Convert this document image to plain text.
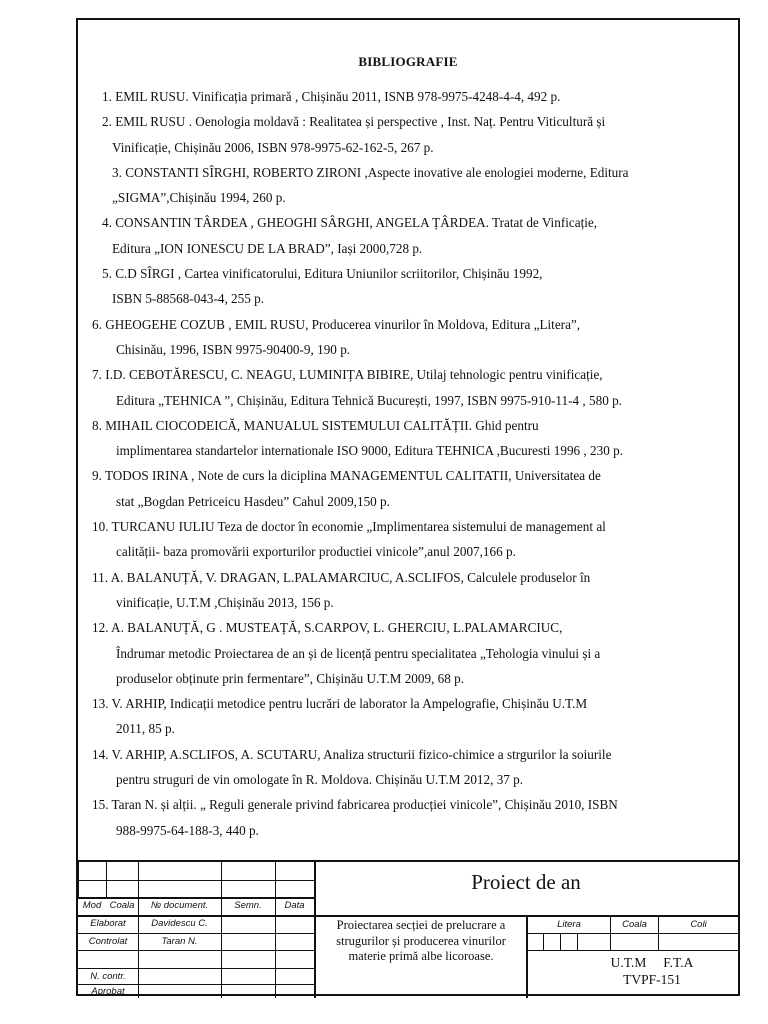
BIBLIOGRAFIE
1. EMIL RUSU. Vinificația primară , Chișinău 2011, ISNB 978-9975-4248-4-4, 492 p.
2. EMIL RUSU . Oenologia moldavă : Realitatea și perspective , Inst. Naț. Pentru Viticultură și
Vinificație, Chișinău 2006, ISBN 978-9975-62-162-5, 267 p.
3. CONSTANTI SÎRGHI, ROBERTO ZIRONI ,Aspecte inovative ale enologiei moderne, Editura
„SIGMA”,Chișinău 1994, 260 p.
4. CONSANTIN TÂRDEA , GHEOGHI SÂRGHI, ANGELA ȚÂRDEA. Tratat de Vinficație,
Editura „ION IONESCU DE LA BRAD”, Iași 2000,728 p.
5. C.D SÎRGI , Cartea vinificatorului, Editura Uniunilor scriitorilor, Chișinău 1992,
ISBN 5-88568-043-4, 255 p.
6. GHEOGEHE COZUB , EMIL RUSU, Producerea vinurilor în Moldova, Editura „Litera”,
Chisinău, 1996, ISBN 9975-90400-9, 190 p.
7. I.D. CEBOTĂRESCU, C. NEAGU, LUMINIȚA BIBIRE, Utilaj tehnologic pentru vinificație,
Editura „TEHNICA ”, Chișinău, Editura Tehnică București, 1997, ISBN 9975-910-11-4 , 580 p.
8. MIHAIL CIOCODEICĂ, MANUALUL SISTEMULUI CALITĂȚII. Ghid pentru
implimentarea standartelor internationale ISO 9000, Editura TEHNICA ,Bucuresti 1996 , 230 p.
9. TODOS IRINA , Note de curs la diciplina MANAGEMENTUL CALITATII, Universitatea de
stat „Bogdan Petriceicu Hasdeu” Cahul 2009,150 p.
10. TURCANU IULIU Teza de doctor în economie „Implimentarea sistemului de management al
calității- baza promovării exporturilor productiei vinicole”,anul 2007,166 p.
11. A. BALANUȚĂ, V. DRAGAN, L.PALAMARCIUC, A.SCLIFOS, Calculele produselor în
vinificație, U.T.M ,Chișinău 2013, 156 p.
12. A. BALANUȚĂ, G . MUSTEAȚĂ, S.CARPOV, L. GHERCIU, L.PALAMARCIUC,
Îndrumar metodic Proiectarea de an și de licență pentru specialitatea „Tehologia vinului și a
produselor obținute prin fermentare”, Chișinău U.T.M 2009, 68 p.
13. V. ARHIP, Indicații metodice pentru lucrări de laborator la Ampelografie, Chișinău U.T.M
2011, 85 p.
14. V. ARHIP, A.SCLIFOS, A. SCUTARU, Analiza structurii fizico-chimice a strgurilor la soiurile
pentru struguri de vin omologate în R. Moldova. Chișinău U.T.M 2012, 37 p.
15. Taran N. și alții. „ Reguli generale privind fabricarea producției vinicole”, Chișinău 2010, ISBN
988-9975-64-188-3, 440 p.
Mod Coala	№ document.	Semn.	Data
Elaborat	Davidescu C.
Controlat	Taran N.
N. contr.
Aprobat
Proiect de an
Proiectarea secției de prelucrare a strugurilor și producerea vinurilor materie primă albe licoroase.
Litera	Coala	Coli
U.T.M     F.T.A
TVPF-151
